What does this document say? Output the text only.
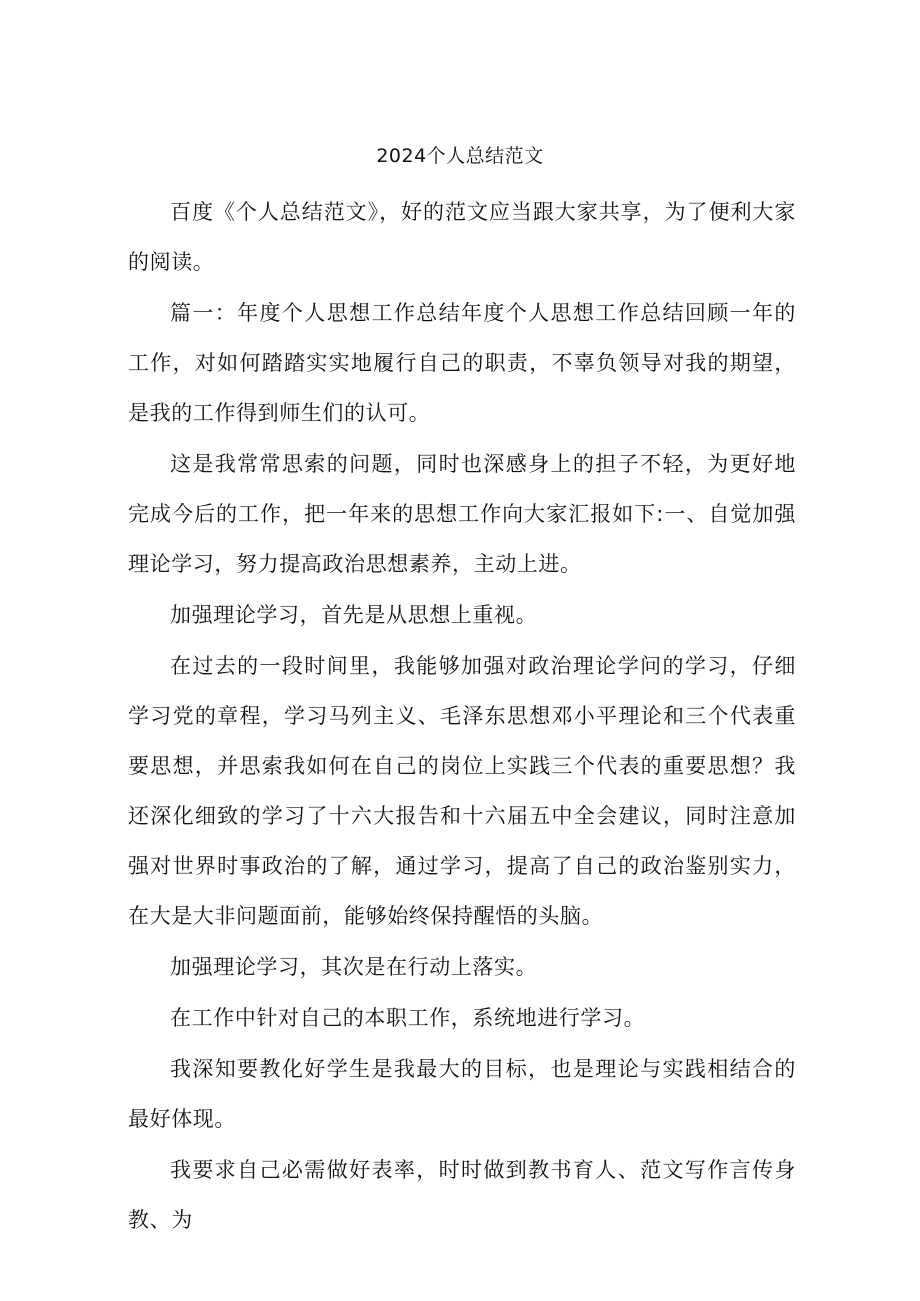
2024个人总结范文

百度《个人总结范文》，好的范文应当跟大家共享，为了便利大家的阅读。

篇一：年度个人思想工作总结年度个人思想工作总结回顾一年的工作，对如何踏踏实实地履行自己的职责，不辜负领导对我的期望，是我的工作得到师生们的认可。

这是我常常思索的问题，同时也深感身上的担子不轻，为更好地完成今后的工作，把一年来的思想工作向大家汇报如下:一、自觉加强理论学习，努力提高政治思想素养，主动上进。

加强理论学习，首先是从思想上重视。

在过去的一段时间里，我能够加强对政治理论学问的学习，仔细学习党的章程，学习马列主义、毛泽东思想邓小平理论和三个代表重要思想，并思索我如何在自己的岗位上实践三个代表的重要思想？我还深化细致的学习了十六大报告和十六届五中全会建议，同时注意加强对世界时事政治的了解，通过学习，提高了自己的政治鉴别实力，在大是大非问题面前，能够始终保持醒悟的头脑。

加强理论学习，其次是在行动上落实。

在工作中针对自己的本职工作，系统地进行学习。

我深知要教化好学生是我最大的目标，也是理论与实践相结合的最好体现。

我要求自己必需做好表率，时时做到教书育人、范文写作言传身教、为
